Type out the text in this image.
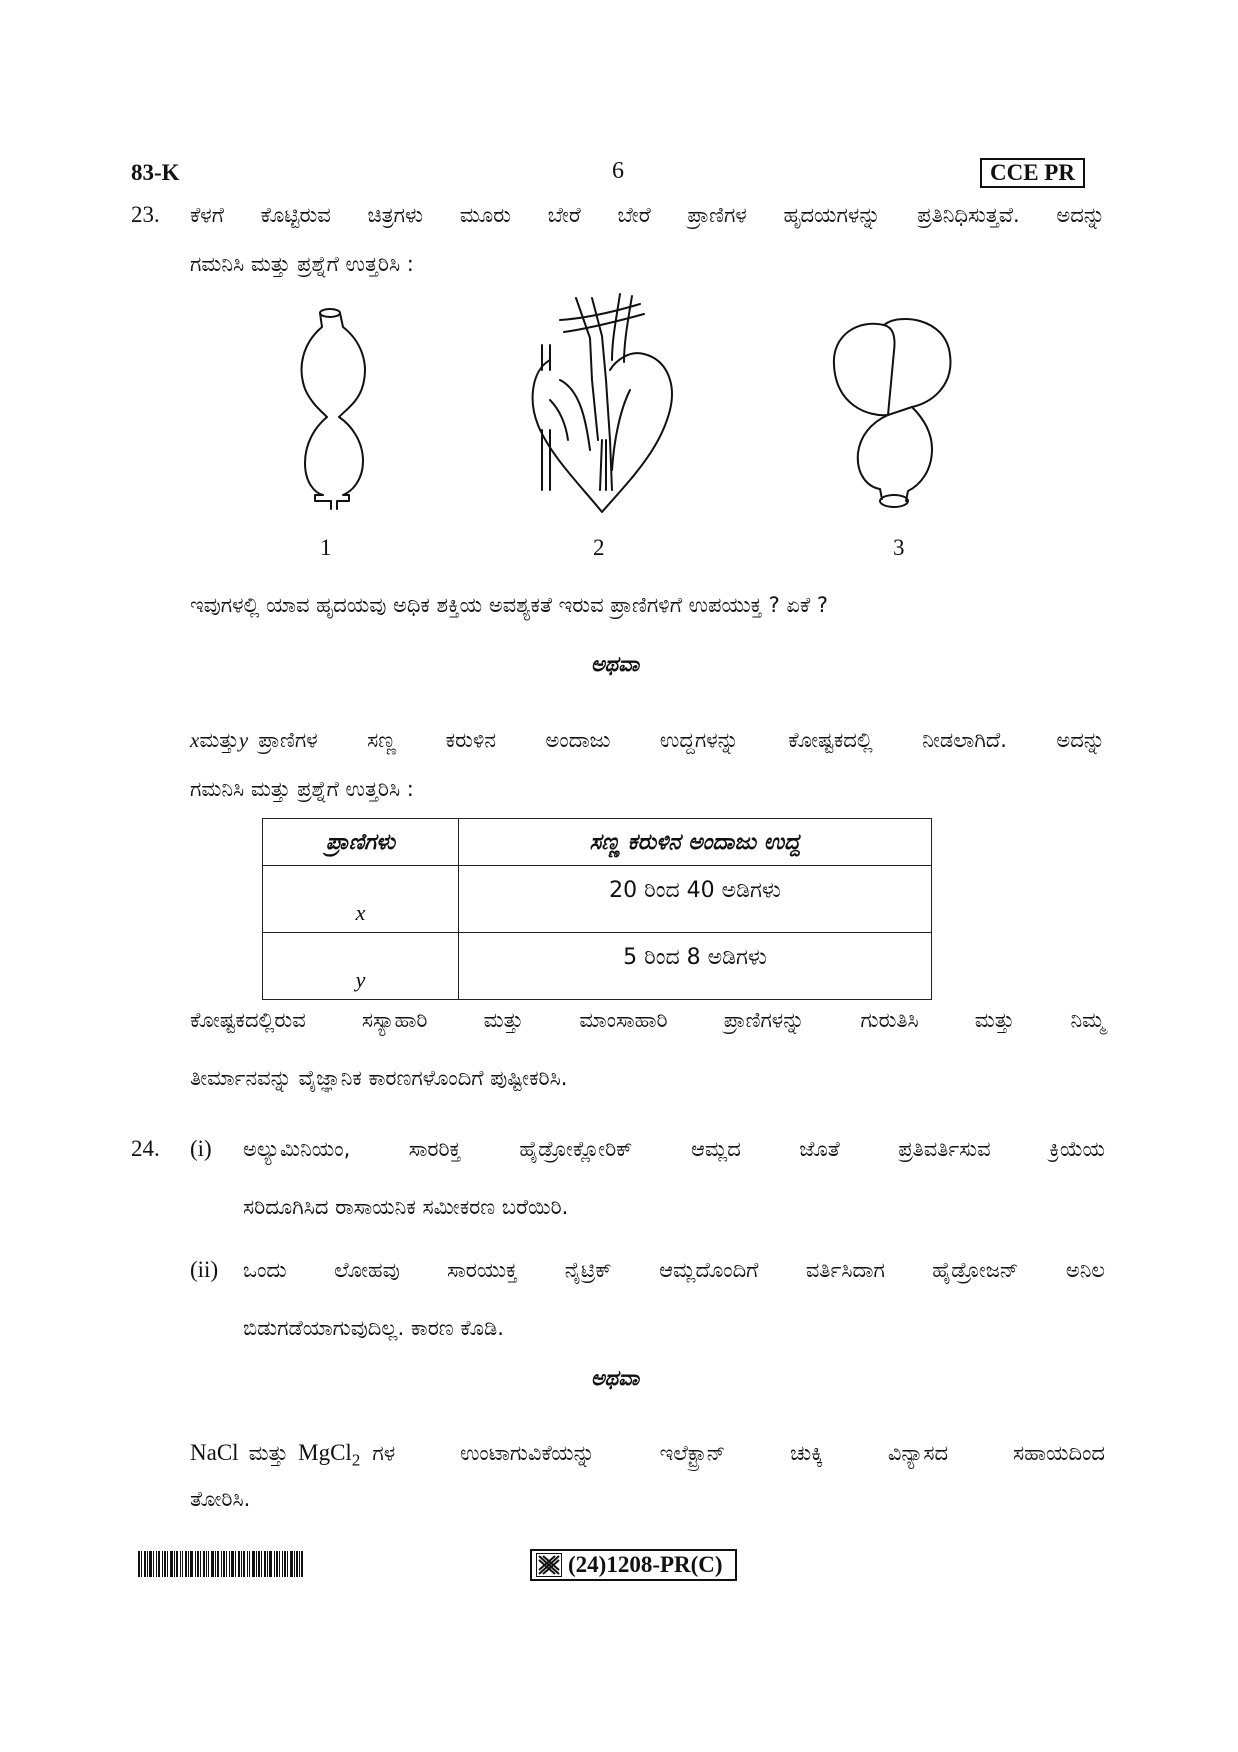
83-K	6	CCE PR
23. ಕೆಳಗೆ ಕೊಟ್ಟಿರುವ ಚಿತ್ರಗಳು ಮೂರು ಬೇರೆ ಬೇರೆ ಪ್ರಾಣಿಗಳ ಹೃದಯಗಳನ್ನು ಪ್ರತಿನಿಧಿಸುತ್ತವೆ. ಅದನ್ನು
ಗಮನಿಸಿ ಮತ್ತು ಪ್ರಶ್ನೆಗೆ ಉತ್ತರಿಸಿ :
1	2	3
ಇವುಗಳಲ್ಲಿ ಯಾವ ಹೃದಯವು ಅಧಿಕ ಶಕ್ತಿಯ ಅವಶ್ಯಕತೆ ಇರುವ ಪ್ರಾಣಿಗಳಿಗೆ ಉಪಯುಕ್ತ ? ಏಕೆ ?
ಅಥವಾ
x ಮತ್ತು y ಪ್ರಾಣಿಗಳ ಸಣ್ಣ ಕರುಳಿನ ಅಂದಾಜು ಉದ್ದಗಳನ್ನು ಕೋಷ್ಟಕದಲ್ಲಿ ನೀಡಲಾಗಿದೆ. ಅದನ್ನು
ಗಮನಿಸಿ ಮತ್ತು ಪ್ರಶ್ನೆಗೆ ಉತ್ತರಿಸಿ :
ಪ್ರಾಣಿಗಳು	ಸಣ್ಣ ಕರುಳಿನ ಅಂದಾಜು ಉದ್ದ
x	20 ರಿಂದ 40 ಅಡಿಗಳು
y	5 ರಿಂದ 8 ಅಡಿಗಳು
ಕೋಷ್ಟಕದಲ್ಲಿರುವ ಸಸ್ಯಾಹಾರಿ ಮತ್ತು ಮಾಂಸಾಹಾರಿ ಪ್ರಾಣಿಗಳನ್ನು ಗುರುತಿಸಿ ಮತ್ತು ನಿಮ್ಮ
ತೀರ್ಮಾನವನ್ನು ವೈಜ್ಞಾನಿಕ ಕಾರಣಗಳೊಂದಿಗೆ ಪುಷ್ಟೀಕರಿಸಿ.
24. (i) ಅಲ್ಯುಮಿನಿಯಂ, ಸಾರರಿಕ್ತ ಹೈಡ್ರೋಕ್ಲೋರಿಕ್ ಆಮ್ಲದ ಜೊತೆ ಪ್ರತಿವರ್ತಿಸುವ ಕ್ರಿಯೆಯ
ಸರಿದೂಗಿಸಿದ ರಾಸಾಯನಿಕ ಸಮೀಕರಣ ಬರೆಯಿರಿ.
(ii) ಒಂದು ಲೋಹವು ಸಾರಯುಕ್ತ ನೈಟ್ರಿಕ್ ಆಮ್ಲದೊಂದಿಗೆ ವರ್ತಿಸಿದಾಗ ಹೈಡ್ರೋಜನ್ ಅನಿಲ
ಬಿಡುಗಡೆಯಾಗುವುದಿಲ್ಲ. ಕಾರಣ ಕೊಡಿ.
ಅಥವಾ
NaCl ಮತ್ತು MgCl$_2$ ಗಳ ಉಂಟಾಗುವಿಕೆಯನ್ನು ಇಲೆಕ್ಟ್ರಾನ್ ಚುಕ್ಕಿ ವಿನ್ಯಾಸದ ಸಹಾಯದಿಂದ
ತೋರಿಸಿ.
(24)1208-PR(C)
